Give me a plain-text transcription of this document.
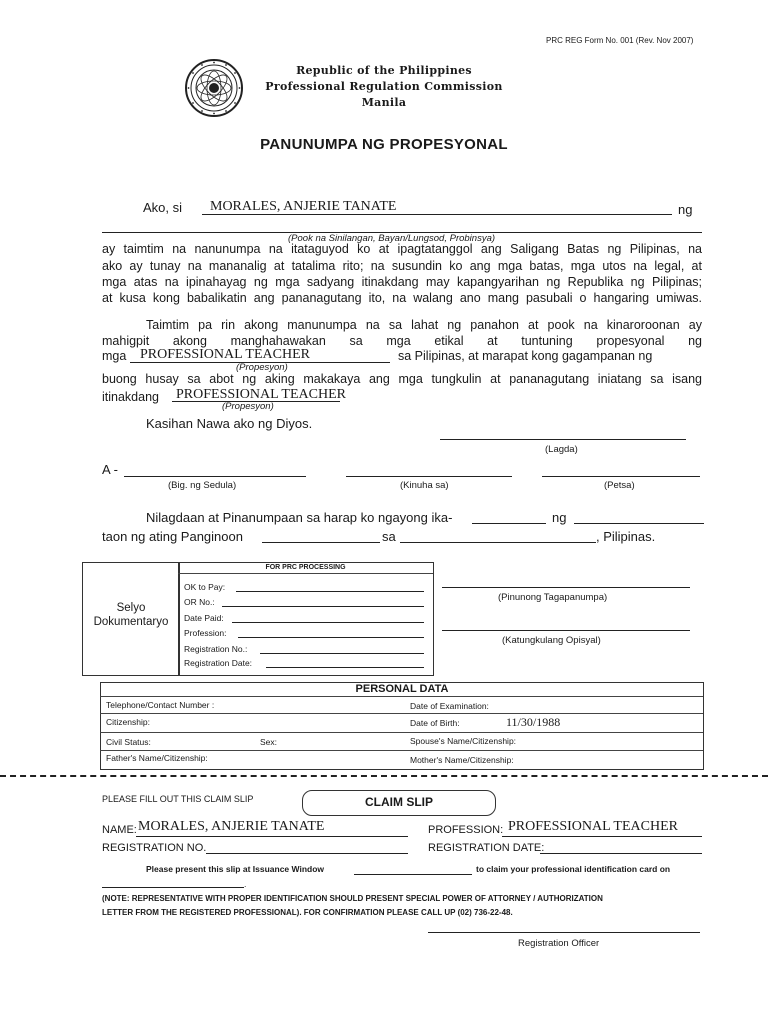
PRC REG Form No. 001 (Rev. Nov 2007)
Republic of the Philippines
Professional Regulation Commission
Manila
PANUNUMPA NG PROPESYONAL
Ako, si MORALES, ANJERIE TANATE	ng
(Pook na Sinilangan, Bayan/Lungsod, Probinsya)
ay taimtim na nanunumpa na itataguyod ko at ipagtatanggol ang Saligang Batas ng Pilipinas, na
ako ay tunay na mananalig at tatalima rito; na susundin ko ang mga batas, mga utos na legal, at
mga atas na ipinahayag ng mga sadyang itinakdang may kapangyarihan ng Republika ng Pilipinas;
at kusa kong babalikatin ang pananagutang ito, na walang ano mang pasubali o hangaring umiwas.
Taimtim pa rin akong manunumpa na sa lahat ng panahon at pook na kinaroroonan ay
mahigpit akong manghahawakan sa mga etikal at tuntuning propesyonal ng
mga PROFESSIONAL TEACHER	sa Pilipinas, at marapat kong gagampanan ng
(Propesyon)
buong husay sa abot ng aking makakaya ang mga tungkulin at pananagutang iniatang sa isang
itinakdang PROFESSIONAL TEACHER
(Propesyon)
Kasihan Nawa ako ng Diyos.
(Lagda)
A -
(Big. ng Sedula)	(Kinuha sa)	(Petsa)
Nilagdaan at Pinanumpaan sa harap ko ngayong ika-	ng
taon ng ating Panginoon	sa	, Pilipinas.
Selyo
Dokumentaryo
FOR PRC PROCESSING
OK to Pay:
OR No.:
Date Paid:
Profession:
Registration No.:
Registration Date:
(Pinunong Tagapanumpa)
(Katungkulang Opisyal)
PERSONAL DATA
Telephone/Contact Number :	Date of Examination:
Citizenship:	Date of Birth:	11/30/1988
Civil Status:	Sex:	Spouse's Name/Citizenship:
Father's Name/Citizenship:	Mother's Name/Citizenship:
PLEASE FILL OUT THIS CLAIM SLIP	CLAIM SLIP
NAME: MORALES, ANJERIE TANATE	PROFESSION: PROFESSIONAL TEACHER
REGISTRATION NO.	REGISTRATION DATE:
Please present this slip at Issuance Window	to claim your professional identification card on
.
(NOTE: REPRESENTATIVE WITH PROPER IDENTIFICATION SHOULD PRESENT SPECIAL POWER OF ATTORNEY / AUTHORIZATION
LETTER FROM THE REGISTERED PROFESSIONAL). FOR CONFIRMATION PLEASE CALL UP (02) 736-22-48.
Registration Officer
